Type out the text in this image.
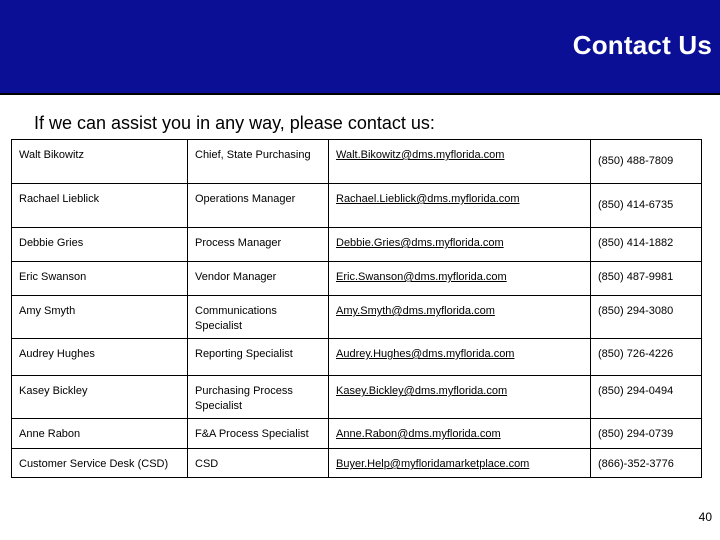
Contact Us
If we can assist you in any way, please contact us:
Walt Bikowitz	Chief, State Purchasing	Walt.Bikowitz@dms.myflorida.com	(850) 488-7809
Rachael Lieblick	Operations Manager	Rachael.Lieblick@dms.myflorida.com	(850) 414-6735
Debbie Gries	Process Manager	Debbie.Gries@dms.myflorida.com	(850) 414-1882
Eric Swanson	Vendor Manager	Eric.Swanson@dms.myflorida.com	(850) 487-9981
Amy Smyth	Communications Specialist	Amy.Smyth@dms.myflorida.com	(850) 294-3080
Audrey Hughes	Reporting Specialist	Audrey.Hughes@dms.myflorida.com	(850) 726-4226
Kasey Bickley	Purchasing Process Specialist	Kasey.Bickley@dms.myflorida.com	(850) 294-0494
Anne Rabon	F&A Process Specialist	Anne.Rabon@dms.myflorida.com	(850) 294-0739
Customer Service Desk (CSD)	CSD	Buyer.Help@myfloridamarketplace.com	(866)-352-3776
40
